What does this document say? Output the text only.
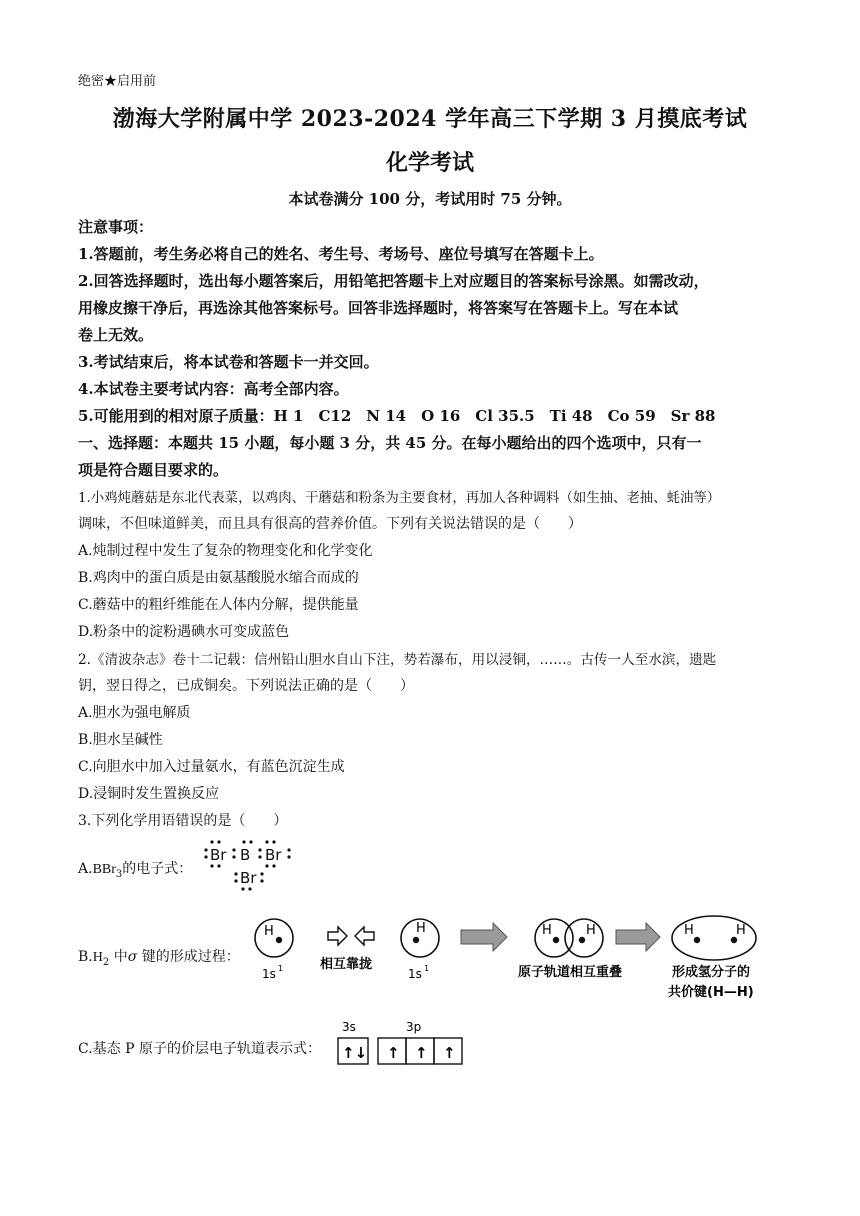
绝密★启用前
渤海大学附属中学 2023-2024 学年高三下学期 3 月摸底考试
化学考试
本试卷满分 100 分，考试用时 75 分钟。
注意事项：
1.答题前，考生务必将自己的姓名、考生号、考场号、座位号填写在答题卡上。
2.回答选择题时，选出每小题答案后，用铅笔把答题卡上对应题目的答案标号涂黑。如需改动，
用橡皮擦干净后，再选涂其他答案标号。回答非选择题时，将答案写在答题卡上。写在本试
卷上无效。
3.考试结束后，将本试卷和答题卡一并交回。
4.本试卷主要考试内容：高考全部内容。
5.可能用到的相对原子质量：H 1　C12　N 14　O 16　Cl 35.5　Ti 48　Co 59　Sr 88
一、选择题：本题共 15 小题，每小题 3 分，共 45 分。在每小题给出的四个选项中，只有一
项是符合题目要求的。
1.小鸡炖蘑菇是东北代表菜，以鸡肉、干蘑菇和粉条为主要食材，再加人各种调料（如生抽、老抽、蚝油等）
调味，不但味道鲜美，而且具有很高的营养价值。下列有关说法错误的是（　　）
A.炖制过程中发生了复杂的物理变化和化学变化
B.鸡肉中的蛋白质是由氨基酸脱水缩合而成的
C.蘑菇中的粗纤维能在人体内分解，提供能量
D.粉条中的淀粉遇碘水可变成蓝色
2.《清波杂志》卷十二记载：信州铅山胆水自山下注，势若瀑布，用以浸铜，……。古传一人至水滨，遗匙
钥，翌日得之，已成铜矣。下列说法正确的是（　　）
A.胆水为强电解质
B.胆水呈碱性
C.向胆水中加入过量氨水，有蓝色沉淀生成
D.浸铜时发生置换反应
3.下列化学用语错误的是（　　）
A.BBr$_3$的电子式：
Br B Br
Br
$B.H_2$ 中σ 键的形成过程：
H
1s 1	相互靠拢
H
1s 1
H	H
原子轨道相互重叠
H	H
形成氢分子的
共价键(H—H)
C.基态 P 原子的价层电子轨道表示式：
3s	3p
↑↓ ↑ ↑ ↑
